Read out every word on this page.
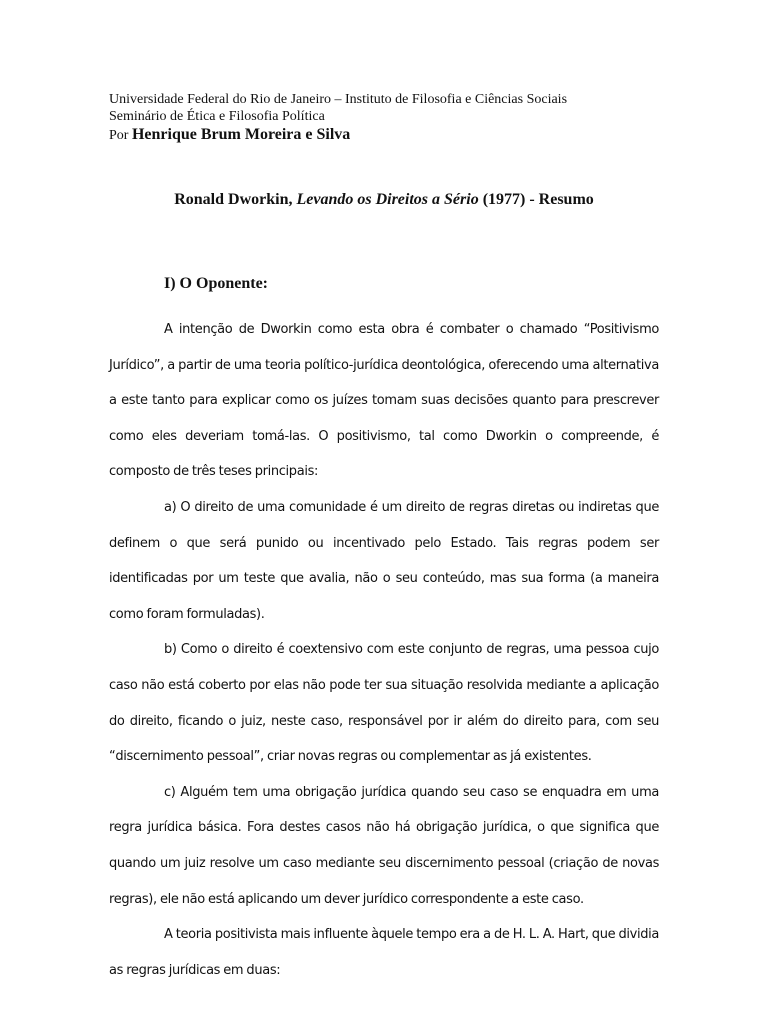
Universidade Federal do Rio de Janeiro – Instituto de Filosofia e Ciências Sociais
Seminário de Ética e Filosofia Política
Por Henrique Brum Moreira e Silva
Ronald Dworkin, Levando os Direitos a Sério (1977) - Resumo
I) O Oponente:

A intenção de Dworkin como esta obra é combater o chamado “Positivismo Jurídico”, a partir de uma teoria político-jurídica deontológica, oferecendo uma alternativa a este tanto para explicar como os juízes tomam suas decisões quanto para prescrever como eles deveriam tomá-las. O positivismo, tal como Dworkin o compreende, é composto de três teses principais:

a) O direito de uma comunidade é um direito de regras diretas ou indiretas que definem o que será punido ou incentivado pelo Estado. Tais regras podem ser identificadas por um teste que avalia, não o seu conteúdo, mas sua forma (a maneira como foram formuladas).

b) Como o direito é coextensivo com este conjunto de regras, uma pessoa cujo caso não está coberto por elas não pode ter sua situação resolvida mediante a aplicação do direito, ficando o juiz, neste caso, responsável por ir além do direito para, com seu “discernimento pessoal”, criar novas regras ou complementar as já existentes.

c) Alguém tem uma obrigação jurídica quando seu caso se enquadra em uma regra jurídica básica. Fora destes casos não há obrigação jurídica, o que significa que quando um juiz resolve um caso mediante seu discernimento pessoal (criação de novas regras), ele não está aplicando um dever jurídico correspondente a este caso.

A teoria positivista mais influente àquele tempo era a de H. L. A. Hart, que dividia as regras jurídicas em duas:
